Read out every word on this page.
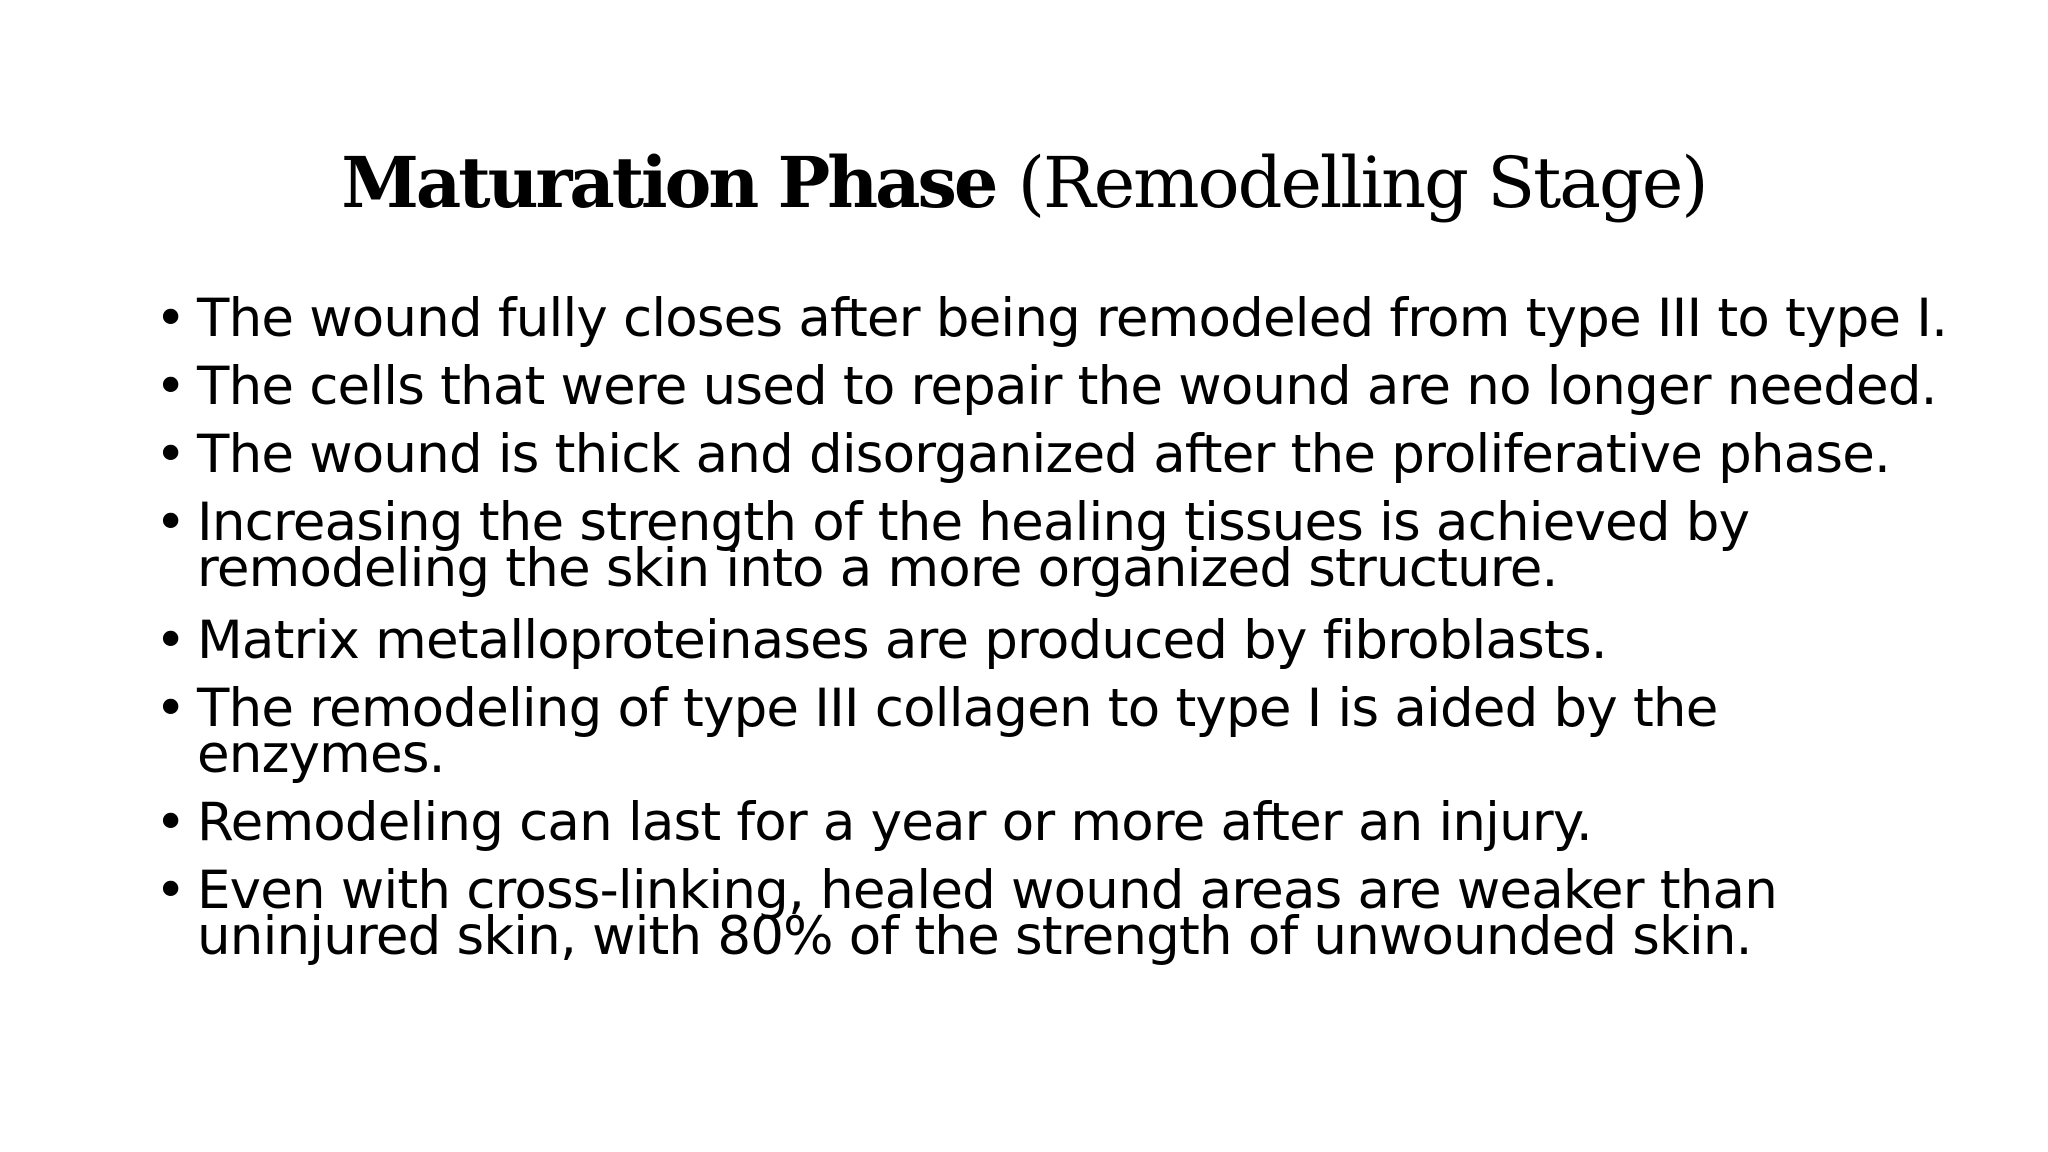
Maturation Phase (Remodelling Stage)
• The wound fully closes after being remodeled from type III to type I.
• The cells that were used to repair the wound are no longer needed.
• The wound is thick and disorganized after the proliferative phase.
• Increasing the strength of the healing tissues is achieved by remodeling the skin into a more organized structure.
• Matrix metalloproteinases are produced by fibroblasts.
• The remodeling of type III collagen to type I is aided by the enzymes.
• Remodeling can last for a year or more after an injury.
• Even with cross-linking, healed wound areas are weaker than uninjured skin, with 80% of the strength of unwounded skin.
